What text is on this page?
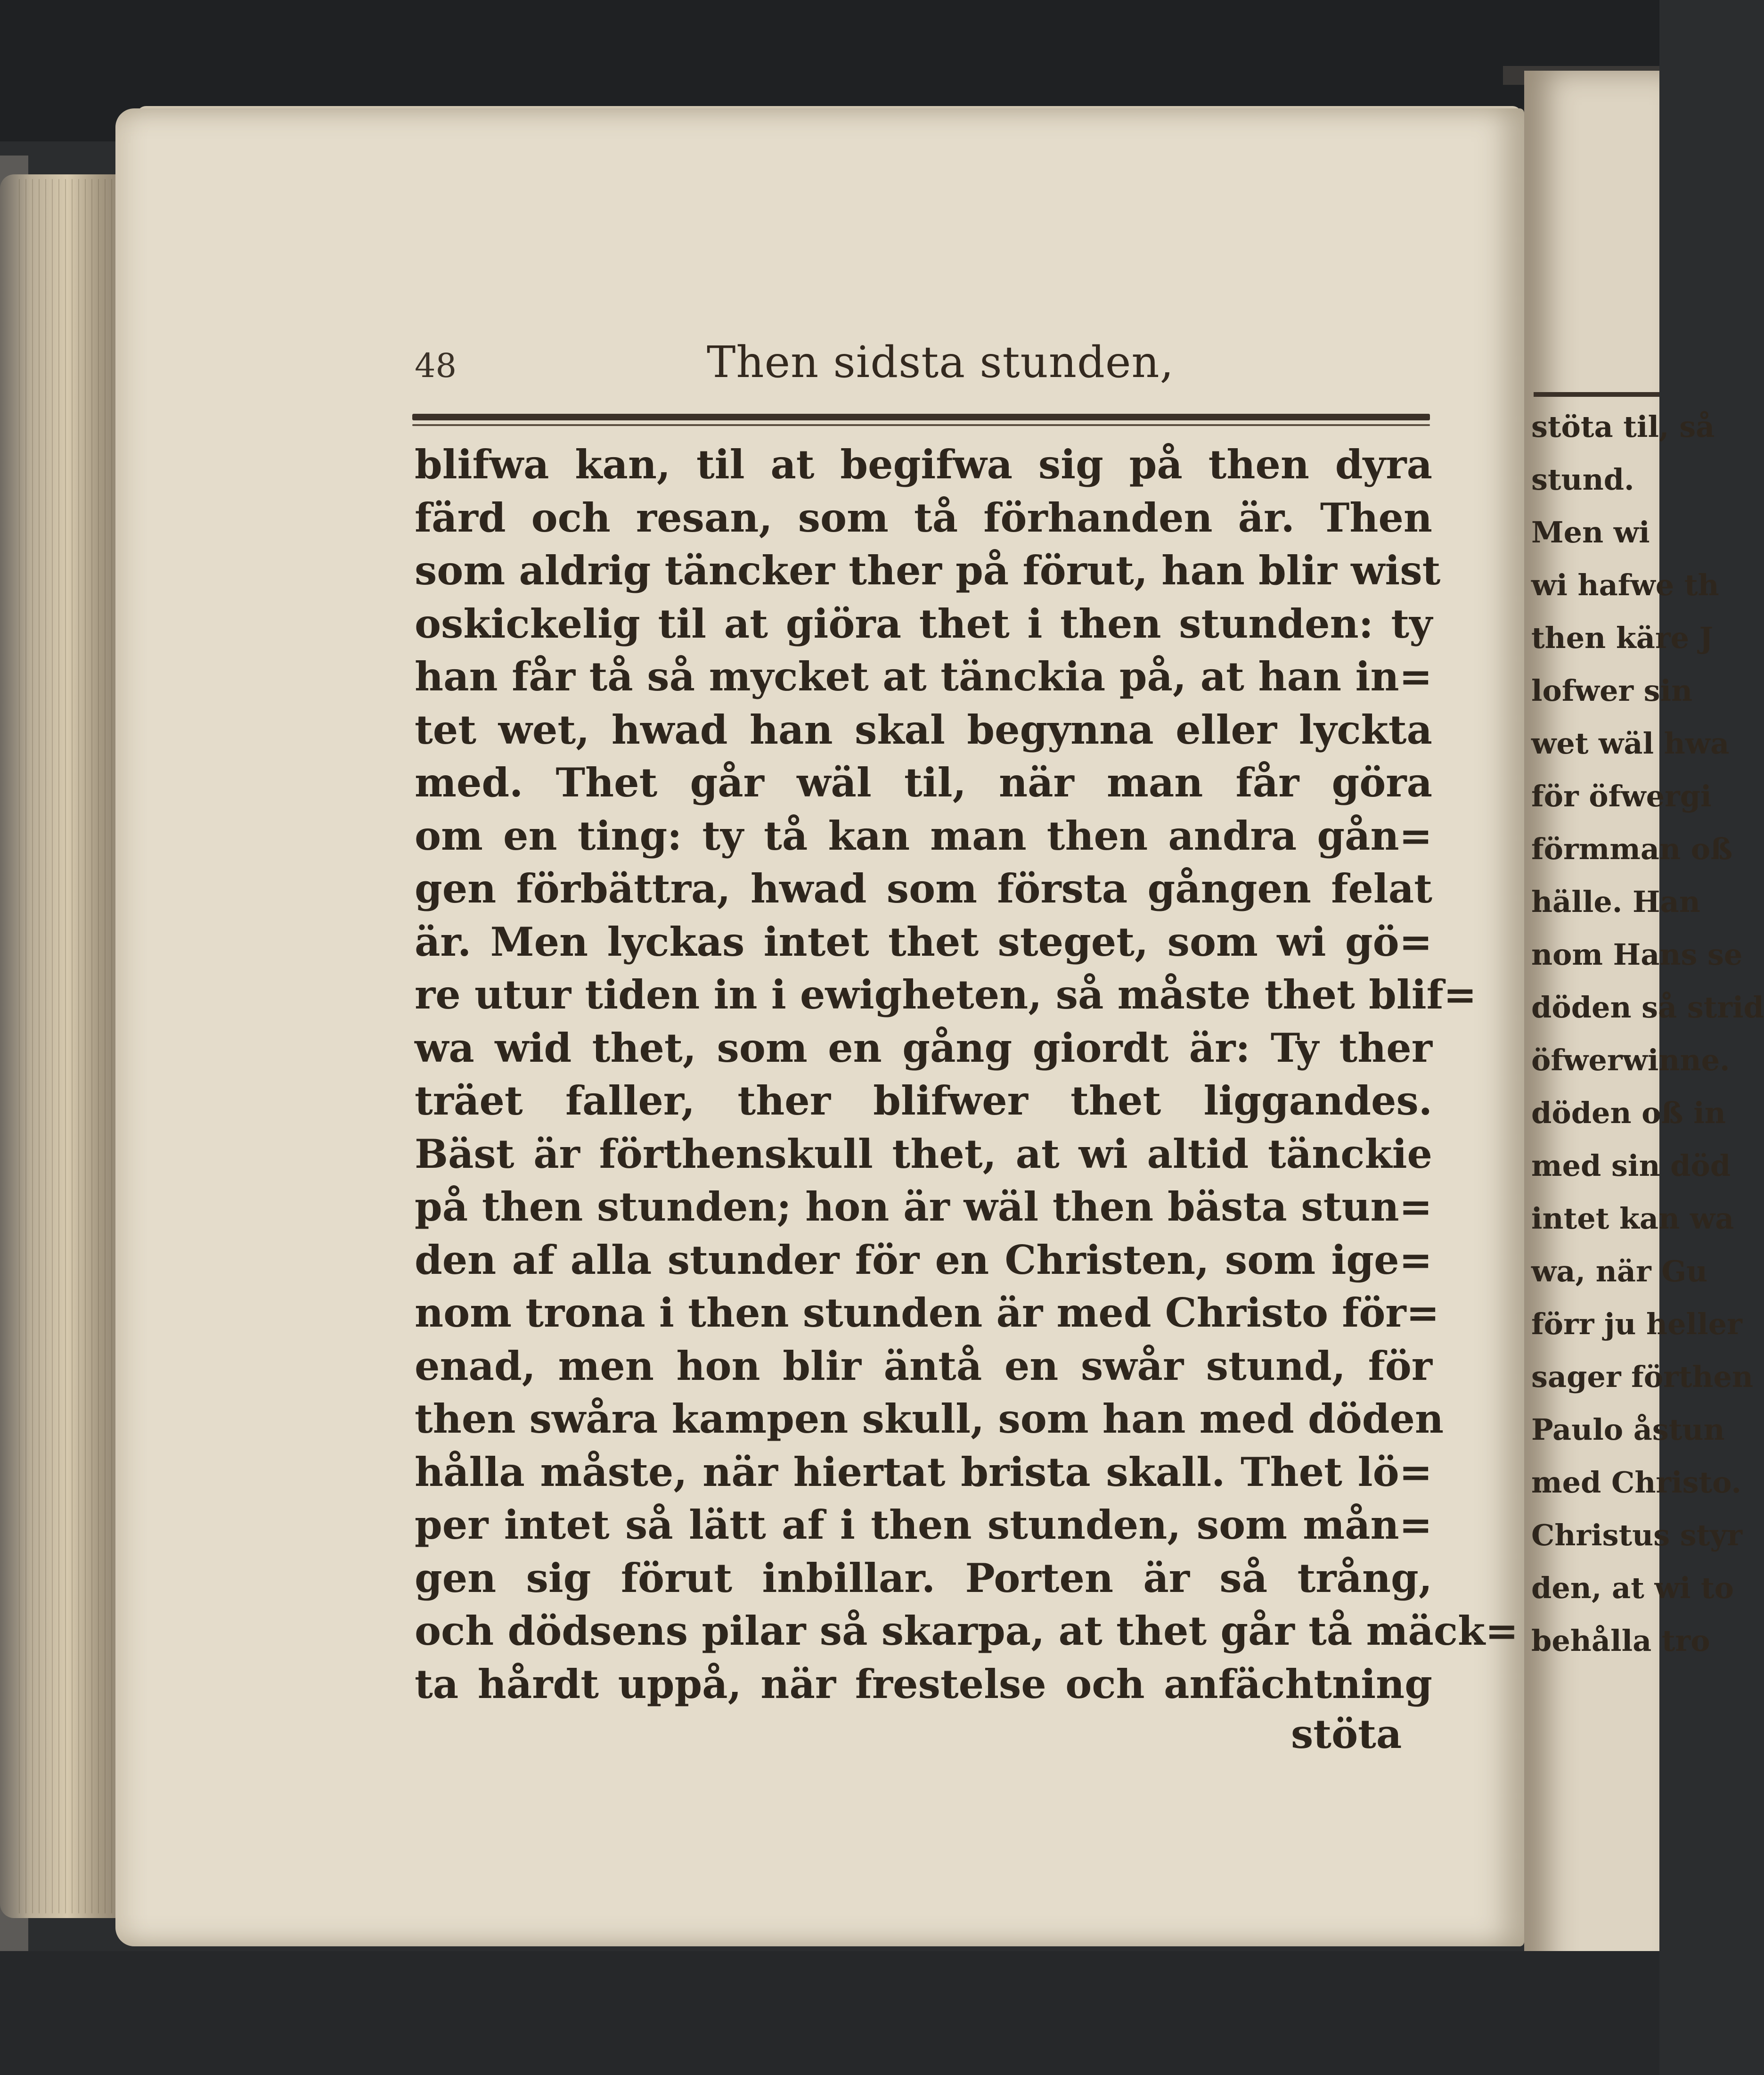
48	Then sidsta stunden,
blifwa kan, til at begifwa sig på then dyra
färd och resan, som tå förhanden är. Then
som aldrig täncker ther på förut, han blir wist
oskickelig til at giöra thet i then stunden: ty
han får tå så mycket at tänckia på, at han in=
tet wet, hwad han skal begynna eller lyckta
med. Thet går wäl til, när man får göra
om en ting: ty tå kan man then andra gån=
gen förbättra, hwad som första gången felat
är. Men lyckas intet thet steget, som wi gö=
re utur tiden in i ewigheten, så måste thet blif=
wa wid thet, som en gång giordt är: Ty ther
träet faller, ther blifwer thet liggandes.
Bäst är förthenskull thet, at wi altid tänckie
på then stunden; hon är wäl then bästa stun=
den af alla stunder för en Christen, som ige=
nom trona i then stunden är med Christo för=
enad, men hon blir äntå en swår stund, för
then swåra kampen skull, som han med döden
hålla måste, när hiertat brista skall. Thet lö=
per intet så lätt af i then stunden, som mån=
gen sig förut inbillar. Porten är så trång,
och dödsens pilar så skarpa, at thet går tå mäck=
ta hårdt uppå, när frestelse och anfächtning
stöta
stöta til, så
stund.
Men wi
wi hafwe th
then käre J
lofwer sin
wet wäl hwa
för öfwergi
förmman oß
hälle. Han
nom Hans se
döden så strid
öfwerwinne.
döden oß in
med sin död
intet kan wa
wa, när Gu
förr ju heller
sager förthen
Paulo åstun
med Christo.
Christus styr
den, at wi to
behålla tro
